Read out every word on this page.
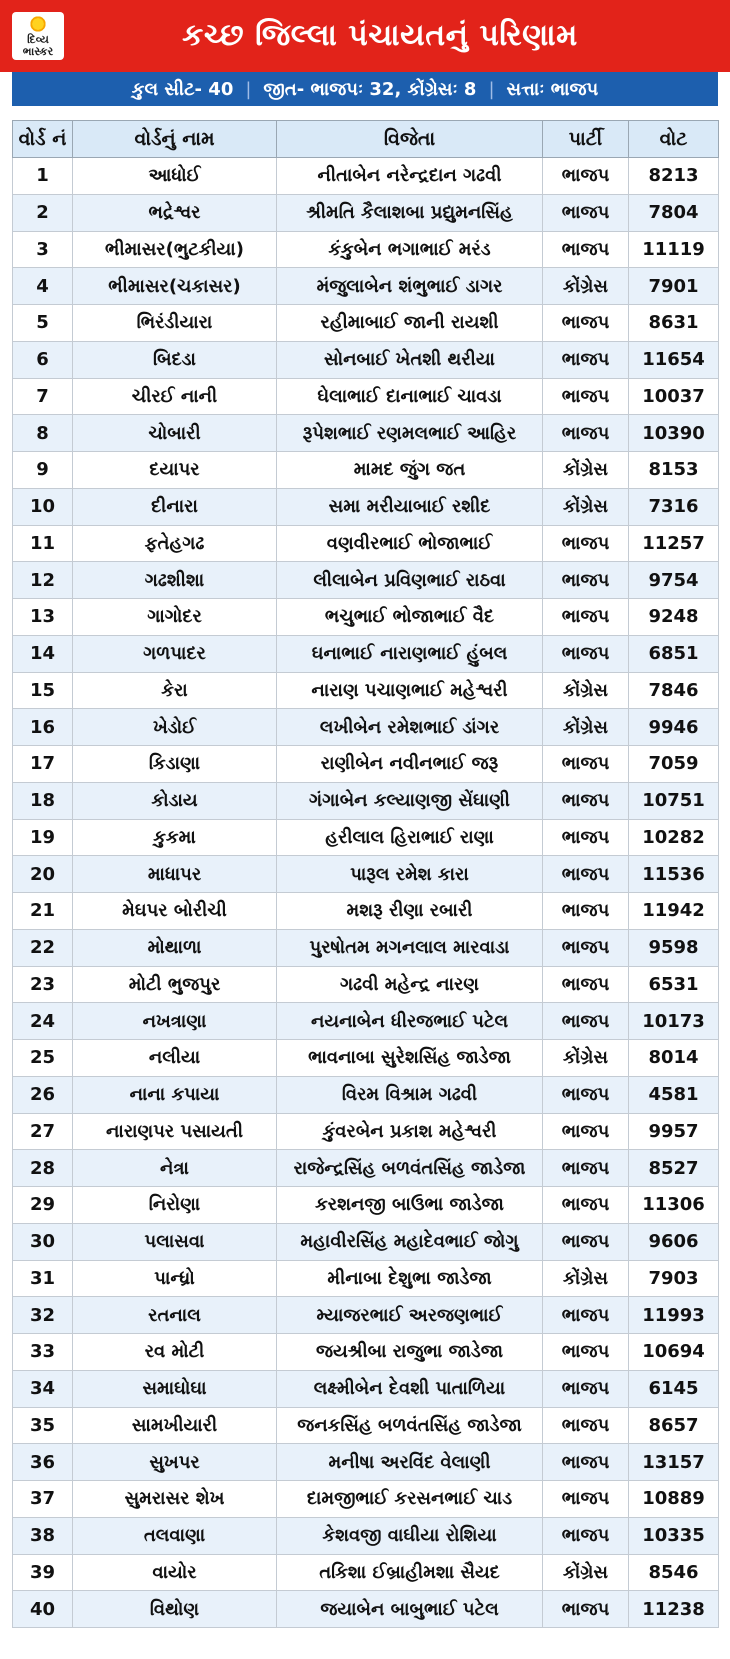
દિવ્ય
ભાસ્કર	કચ્છ જિલ્લા પંચાયતનું પરિણામ
કુલ સીટ- 40 | જીત- ભાજપઃ 32, કોંગ્રેસઃ 8 | સત્તાઃ ભાજપ
વોર્ડ નં	વોર્ડનું નામ	વિજેતા	પાર્ટી	વોટ
1	આધોઈ	નીતાબેન નરેન્દ્રદાન ગઢવી	ભાજપ	8213
2	ભદ્રેશ્વર	શ્રીમતિ કૈલાશબા પ્રદ્યુમનસિંહ	ભાજપ	7804
3	ભીમાસર(ભુટકીયા)	કંકુબેન ભગાભાઈ મરંડ	ભાજપ	11119
4	ભીમાસર(ચકાસર)	મંજુલાબેન શંભુભાઈ ડાગર	કોંગ્રેસ	7901
5	ભિરંડીયારા	રહીમાબાઈ જાની રાયશી	ભાજપ	8631
6	બિદડા	સોનબાઈ ખેતશી થરીયા	ભાજપ	11654
7	ચીરઈ નાની	ઘેલાભાઈ દાનાભાઈ ચાવડા	ભાજપ	10037
8	ચોબારી	રૂપેશભાઈ રણમલભાઈ આહિર	ભાજપ	10390
9	દયાપર	મામદ જુંગ જત	કોંગ્રેસ	8153
10	દીનારા	સમા મરીયાબાઈ રશીદ	કોંગ્રેસ	7316
11	ફતેહગઢ	વણવીરભાઈ ભોજાભાઈ	ભાજપ	11257
12	ગઢશીશા	લીલાબેન પ્રવિણભાઈ રાઠવા	ભાજપ	9754
13	ગાગોદર	ભચુભાઈ ભોજાભાઈ વૈદ	ભાજપ	9248
14	ગળપાદર	ઘનાભાઈ નારાણભાઈ હુંબલ	ભાજપ	6851
15	કેરા	નારાણ પચાણભાઈ મહેશ્વરી	કોંગ્રેસ	7846
16	ખેડોઈ	લખીબેન રમેશભાઈ ડાંગર	કોંગ્રેસ	9946
17	કિડાણા	રાણીબેન નવીનભાઈ જરૂ	ભાજપ	7059
18	કોડાય	ગંગાબેન કલ્યાણજી સેંઘાણી	ભાજપ	10751
19	કુકમા	હરીલાલ હિરાભાઈ રાણા	ભાજપ	10282
20	માધાપર	પારૂલ રમેશ કારા	ભાજપ	11536
21	મેઘપર બોરીચી	મશરૂ રીણા રબારી	ભાજપ	11942
22	મોથાળા	પુરષોતમ મગનલાલ મારવાડા	ભાજપ	9598
23	મોટી ભુજપુર	ગઢવી મહેન્દ્ર નારણ	ભાજપ	6531
24	નખત્રાણા	નયનાબેન ધીરજભાઈ પટેલ	ભાજપ	10173
25	નલીયા	ભાવનાબા સુરેશસિંહ જાડેજા	કોંગ્રેસ	8014
26	નાના કપાયા	વિરમ વિશ્રામ ગઢવી	ભાજપ	4581
27	નારાણપર પસાયતી	કુંવરબેન પ્રકાશ મહેશ્વરી	ભાજપ	9957
28	નેત્રા	રાજેન્દ્રસિંહ બળવંતસિંહ જાડેજા	ભાજપ	8527
29	નિરોણા	કરશનજી બાઉભા જાડેજા	ભાજપ	11306
30	પલાસવા	મહાવીરસિંહ મહાદેવભાઈ જોગુ	ભાજપ	9606
31	પાન્ધ્રો	મીનાબા દેશુભા જાડેજા	કોંગ્રેસ	7903
32	રતનાલ	મ્યાજરભાઈ અરજણભાઈ	ભાજપ	11993
33	રવ મોટી	જયશ્રીબા રાજુભા જાડેજા	ભાજપ	10694
34	સમાઘોઘા	લક્ષ્મીબેન દેવશી પાતાળિયા	ભાજપ	6145
35	સામખીયારી	જનકસિંહ બળવંતસિંહ જાડેજા	ભાજપ	8657
36	સુખપર	મનીષા અરવિંદ વેલાણી	ભાજપ	13157
37	સુમરાસર શેખ	દામજીભાઈ કરસનભાઈ ચાડ	ભાજપ	10889
38	તલવાણા	કેશવજી વાઘીયા રોશિયા	ભાજપ	10335
39	વાયોર	તકિશા ઈબ્રાહીમશા સૈયદ	કોંગ્રેસ	8546
40	વિથોણ	જયાબેન બાબુભાઈ પટેલ	ભાજપ	11238
